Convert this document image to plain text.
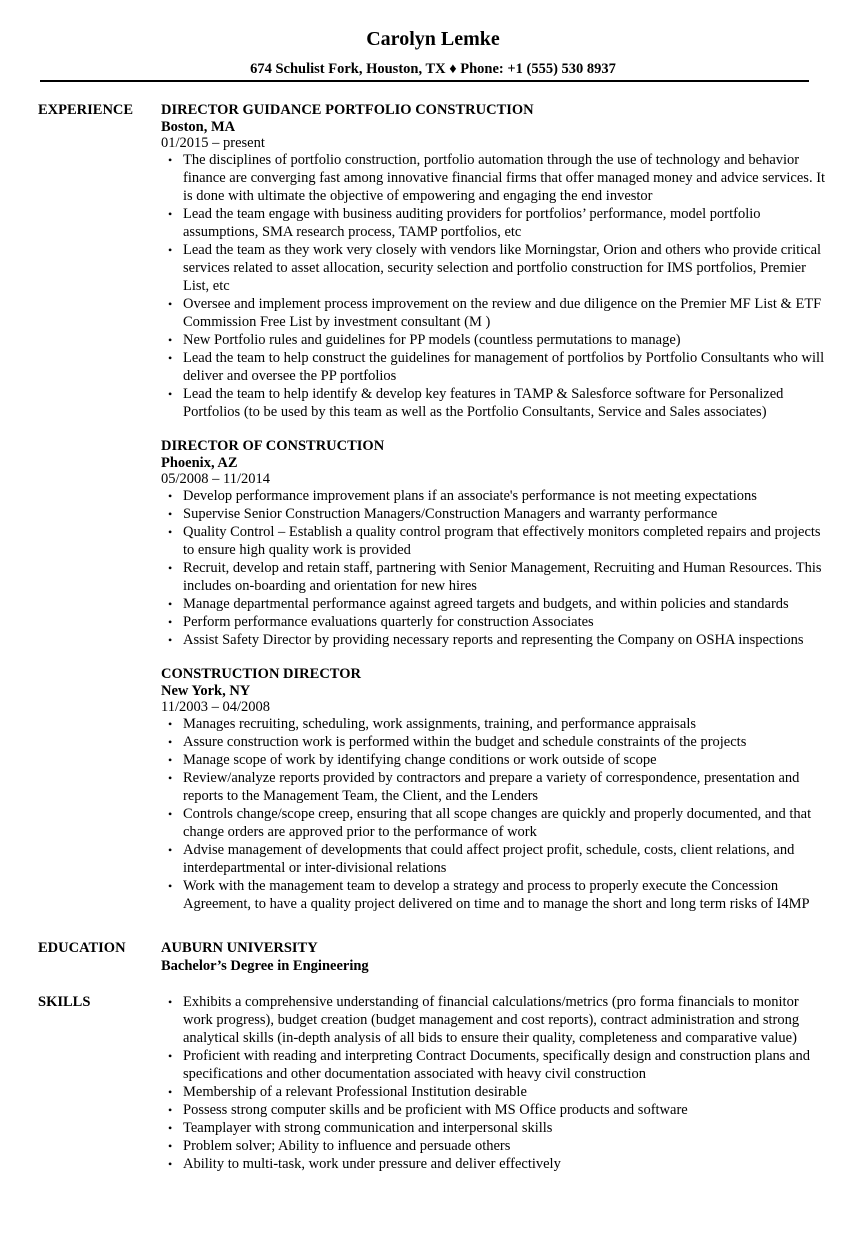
Carolyn Lemke
674 Schulist Fork, Houston, TX ♦ Phone: +1 (555) 530 8937
EXPERIENCE	DIRECTOR GUIDANCE PORTFOLIO CONSTRUCTION
Boston, MA
01/2015 – present
• The disciplines of portfolio construction, portfolio automation through the use of technology and behavior finance are converging fast among innovative financial firms that offer managed money and advice services. It is done with ultimate the objective of empowering and engaging the end investor
• Lead the team engage with business auditing providers for portfolios’ performance, model portfolio assumptions, SMA research process, TAMP portfolios, etc
• Lead the team as they work very closely with vendors like Morningstar, Orion and others who provide critical services related to asset allocation, security selection and portfolio construction for IMS portfolios, Premier List, etc
• Oversee and implement process improvement on the review and due diligence on the Premier MF List & ETF Commission Free List by investment consultant (M )
• New Portfolio rules and guidelines for PP models (countless permutations to manage)
• Lead the team to help construct the guidelines for management of portfolios by Portfolio Consultants who will deliver and oversee the PP portfolios
• Lead the team to help identify & develop key features in TAMP & Salesforce software for Personalized Portfolios (to be used by this team as well as the Portfolio Consultants, Service and Sales associates)
DIRECTOR OF CONSTRUCTION
Phoenix, AZ
05/2008 – 11/2014
• Develop performance improvement plans if an associate's performance is not meeting expectations
• Supervise Senior Construction Managers/Construction Managers and warranty performance
• Quality Control – Establish a quality control program that effectively monitors completed repairs and projects to ensure high quality work is provided
• Recruit, develop and retain staff, partnering with Senior Management, Recruiting and Human Resources. This includes on-boarding and orientation for new hires
• Manage departmental performance against agreed targets and budgets, and within policies and standards
• Perform performance evaluations quarterly for construction Associates
• Assist Safety Director by providing necessary reports and representing the Company on OSHA inspections
CONSTRUCTION DIRECTOR
New York, NY
11/2003 – 04/2008
• Manages recruiting, scheduling, work assignments, training, and performance appraisals
• Assure construction work is performed within the budget and schedule constraints of the projects
• Manage scope of work by identifying change conditions or work outside of scope
• Review/analyze reports provided by contractors and prepare a variety of correspondence, presentation and reports to the Management Team, the Client, and the Lenders
• Controls change/scope creep, ensuring that all scope changes are quickly and properly documented, and that change orders are approved prior to the performance of work
• Advise management of developments that could affect project profit, schedule, costs, client relations, and interdepartmental or inter-divisional relations
• Work with the management team to develop a strategy and process to properly execute the Concession Agreement, to have a quality project delivered on time and to manage the short and long term risks of I4MP
EDUCATION	AUBURN UNIVERSITY
Bachelor’s Degree in Engineering
SKILLS	• Exhibits a comprehensive understanding of financial calculations/metrics (pro forma financials to monitor work progress), budget creation (budget management and cost reports), contract administration and strong analytical skills (in-depth analysis of all bids to ensure their quality, completeness and comparative value)
• Proficient with reading and interpreting Contract Documents, specifically design and construction plans and specifications and other documentation associated with heavy civil construction
• Membership of a relevant Professional Institution desirable
• Possess strong computer skills and be proficient with MS Office products and software
• Teamplayer with strong communication and interpersonal skills
• Problem solver; Ability to influence and persuade others
• Ability to multi-task, work under pressure and deliver effectively
